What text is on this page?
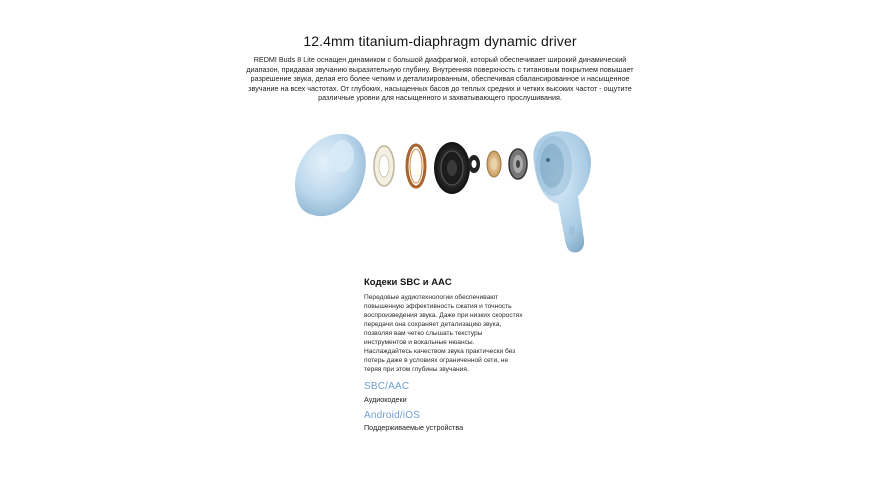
12.4mm titanium-diaphragm dynamic driver
REDMI Buds 8 Lite оснащен динамиком с большой диафрагмой, который обеспечивает широкий динамический диапазон, придавая звучанию выразительную глубину. Внутренняя поверхность с титановым покрытием повышает разрешение звука, делая его более четким и детализированным, обеспечивая сбалансированное и насыщенное звучание на всех частотах. От глубоких, насыщенных басов до теплых средних и четких высоких частот - ощутите различные уровни для насыщенного и захватывающего прослушивания.
Кодеки SBC и AAC
Передовые аудиотехнологии обеспечивают повышенную эффективность сжатия и точность воспроизведения звука. Даже при низких скоростях передачи она сохраняет детализацию звука, позволяя вам четко слышать текстуры инструментов и вокальные нюансы. Наслаждайтесь качеством звука практически без потерь даже в условиях ограниченной сети, не теряя при этом глубины звучания.
SBC/AAC
Аудиокодеки
Android/iOS
Поддерживаемые устройства
